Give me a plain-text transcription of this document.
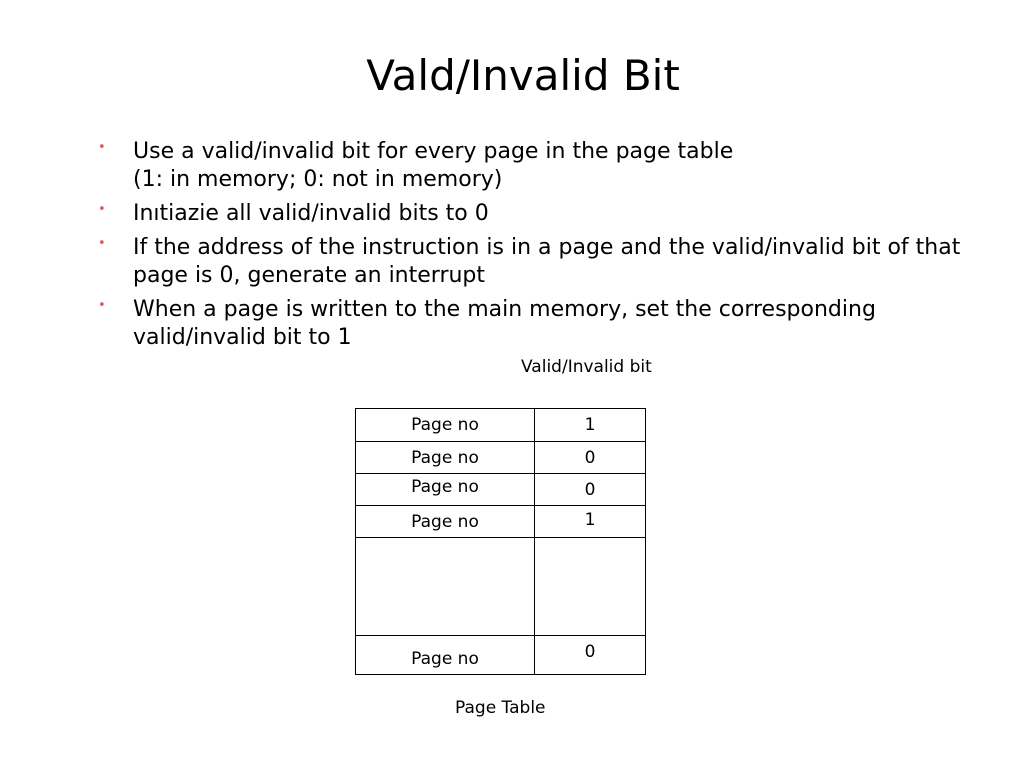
Vald/Invalid Bit
• Use a valid/invalid bit for every page in the page table
(1: in memory; 0: not in memory)
• Inıtiazie all valid/invalid bits to 0
• If the address of the instruction is in a page and the valid/invalid bit of that page is 0, generate an interrupt
• When a page is written to the main memory, set the corresponding valid/invalid bit to 1
Valid/Invalid bit
Page no	1
Page no	0
Page no	0
Page no	1
Page no	0
Page Table
